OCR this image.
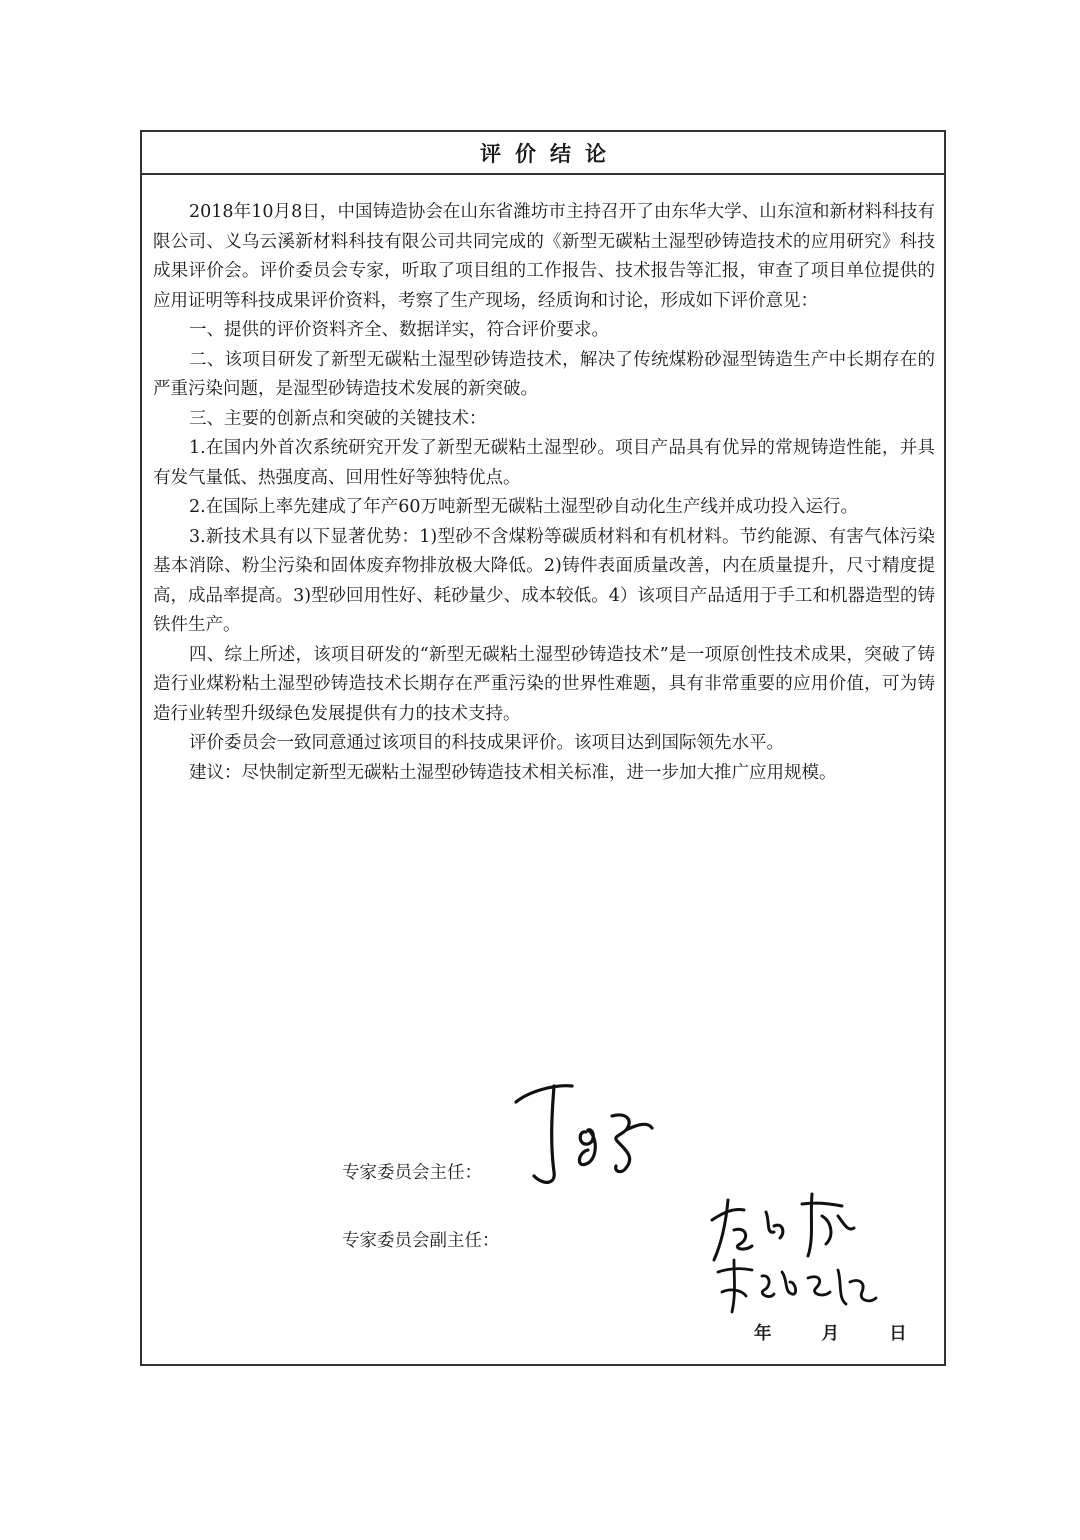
评价结论

2018年10月8日，中国铸造协会在山东省潍坊市主持召开了由东华大学、山东渲和新材料科技有限公司、义乌云溪新材料科技有限公司共同完成的《新型无碳粘土湿型砂铸造技术的应用研究》科技成果评价会。评价委员会专家，听取了项目组的工作报告、技术报告等汇报，审查了项目单位提供的应用证明等科技成果评价资料，考察了生产现场，经质询和讨论，形成如下评价意见：

一、提供的评价资料齐全、数据详实，符合评价要求。

二、该项目研发了新型无碳粘土湿型砂铸造技术，解决了传统煤粉砂湿型铸造生产中长期存在的严重污染问题，是湿型砂铸造技术发展的新突破。

三、主要的创新点和突破的关键技术：

1.在国内外首次系统研究开发了新型无碳粘土湿型砂。项目产品具有优异的常规铸造性能，并具有发气量低、热强度高、回用性好等独特优点。

2.在国际上率先建成了年产60万吨新型无碳粘土湿型砂自动化生产线并成功投入运行。

3.新技术具有以下显著优势：1)型砂不含煤粉等碳质材料和有机材料。节约能源、有害气体污染基本消除、粉尘污染和固体废弃物排放极大降低。2)铸件表面质量改善，内在质量提升，尺寸精度提高，成品率提高。3)型砂回用性好、耗砂量少、成本较低。4）该项目产品适用于手工和机器造型的铸铁件生产。

四、综上所述，该项目研发的“新型无碳粘土湿型砂铸造技术”是一项原创性技术成果，突破了铸造行业煤粉粘土湿型砂铸造技术长期存在严重污染的世界性难题，具有非常重要的应用价值，可为铸造行业转型升级绿色发展提供有力的技术支持。

评价委员会一致同意通过该项目的科技成果评价。该项目达到国际领先水平。

建议：尽快制定新型无碳粘土湿型砂铸造技术相关标准，进一步加大推广应用规模。

专家委员会主任：
专家委员会副主任：
年	月	日
